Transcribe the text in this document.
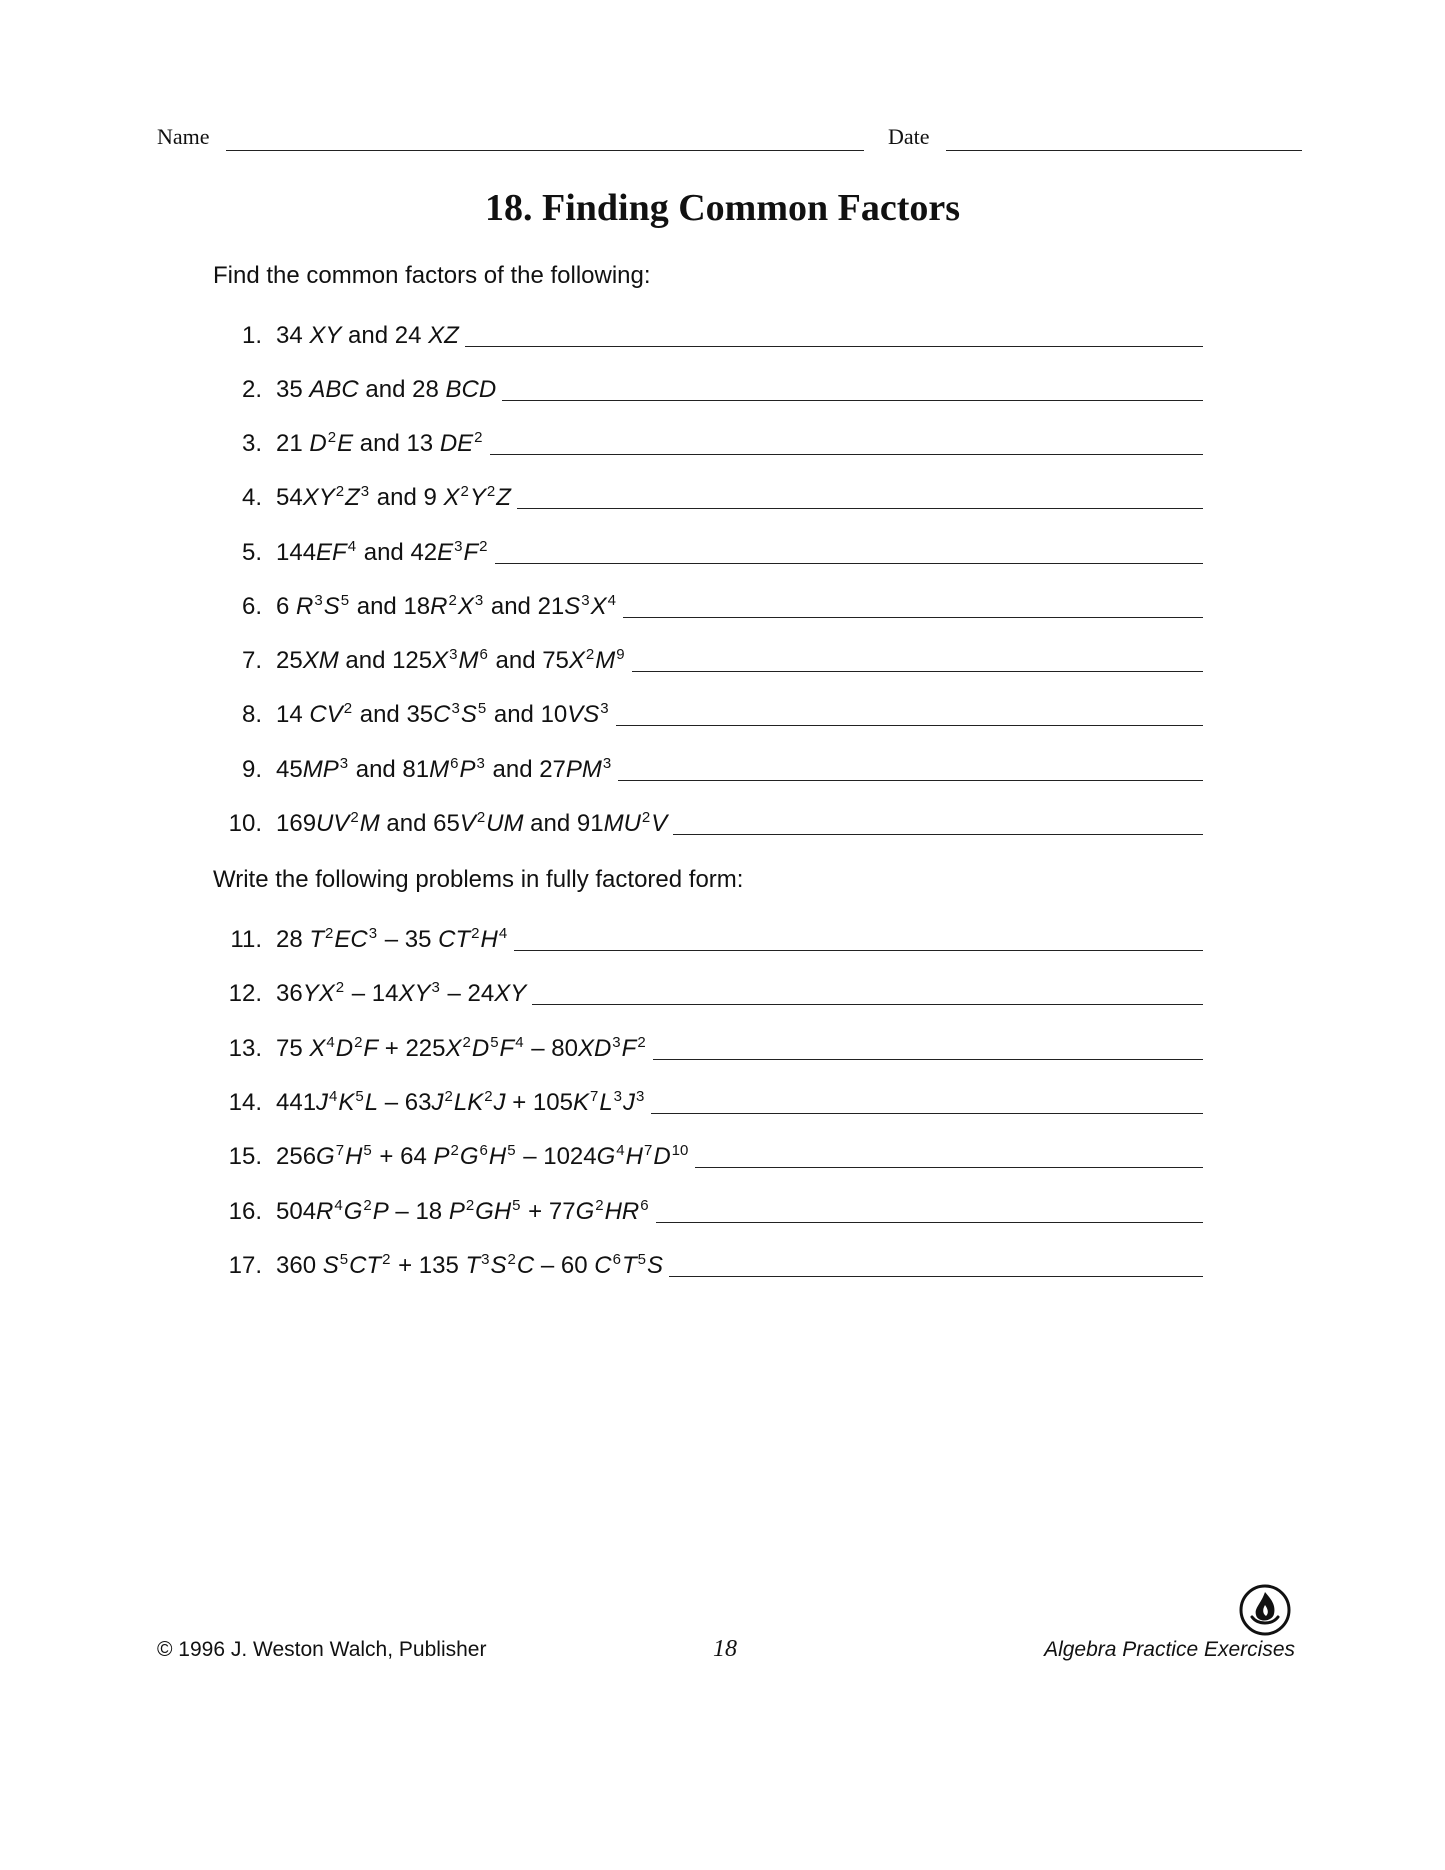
Name	Date
18. Finding Common Factors
Find the common factors of the following:
1. 34 XY and 24 XZ
2. 35 ABC and 28 BCD
3. 21 $D^2E$ and 13 $DE^2$
4. $54XY^2Z^3$ and 9 $X^2Y^2Z$
5. $144EF^4$ and $42E^3F^2$
6. 6 $R^3S^5$ and $18R^2X^3$ and $21S^3X^4$
7. 25XM and $125X^3M^6$ and $75X^2M^9$
8. 14 $CV^2$ and $35C^3S^5$ and $10VS^3$
9. $45MP^3$ and $81M^6P^3$ and $27PM^3$
10. $169UV^2M$ and $65V^2UM$ and $91MU^2V$
Write the following problems in fully factored form:
11. 28 $T^2EC^3 - 35$ $CT^2H^4$
12. $36YX^2 - 14XY^3 - 24XY$
13. 75 $X^4D^2F + 225X^2D^5F^4 - 80XD^3F^2$
14. $441J^4K^5L - 63J^2LK^2J + 105K^7L^3J^3$
15. $256G^7H^5 + 64$ $P^2G^6H^5 - 1024G^4H^7D^{10}$
16. $504R^4G^2P - 18$ $P^2GH^5 + 77G^2HR^6$
17. 360 $S^5CT^2 + 135$ $T^3S^2C - 60$ $C^6T^5S$
© 1996 J. Weston Walch, Publisher	18	Algebra Practice Exercises
